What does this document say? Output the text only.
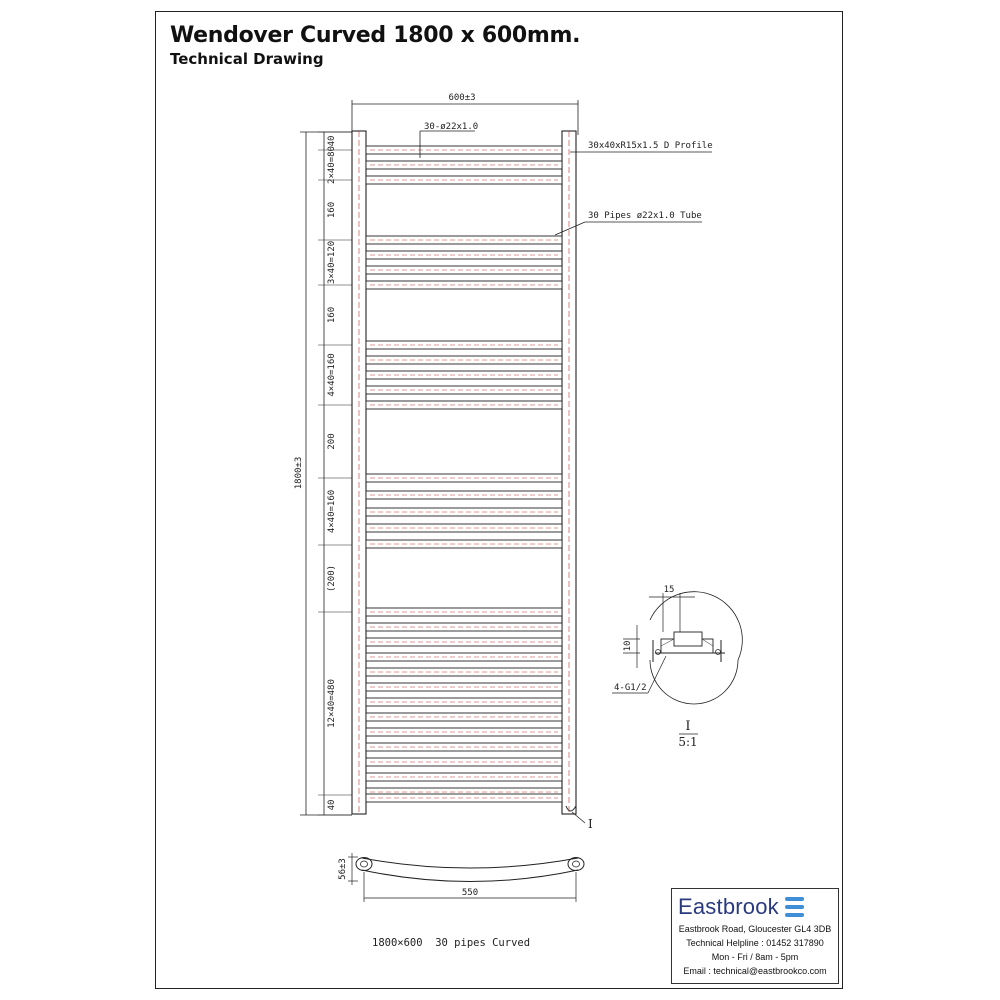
Wendover Curved 1800 x 600mm.
Technical Drawing
600±3
30-ø22x1.0
30x40xR15x1.5 D Profile
30 Pipes ø22x1.0 Tube
1800±3
40
2×40=80
160
3×40=120
160
4×40=160
200
4×40=160
(200)
12×40=480
40
15
10
4-G1/2
I
5:1
I
56±3
550
1800×600  30 pipes Curved
Eastbrook
Eastbrook Road, Gloucester GL4 3DB
Technical Helpline : 01452 317890
Mon - Fri / 8am - 5pm
Email : technical@eastbrookco.com
